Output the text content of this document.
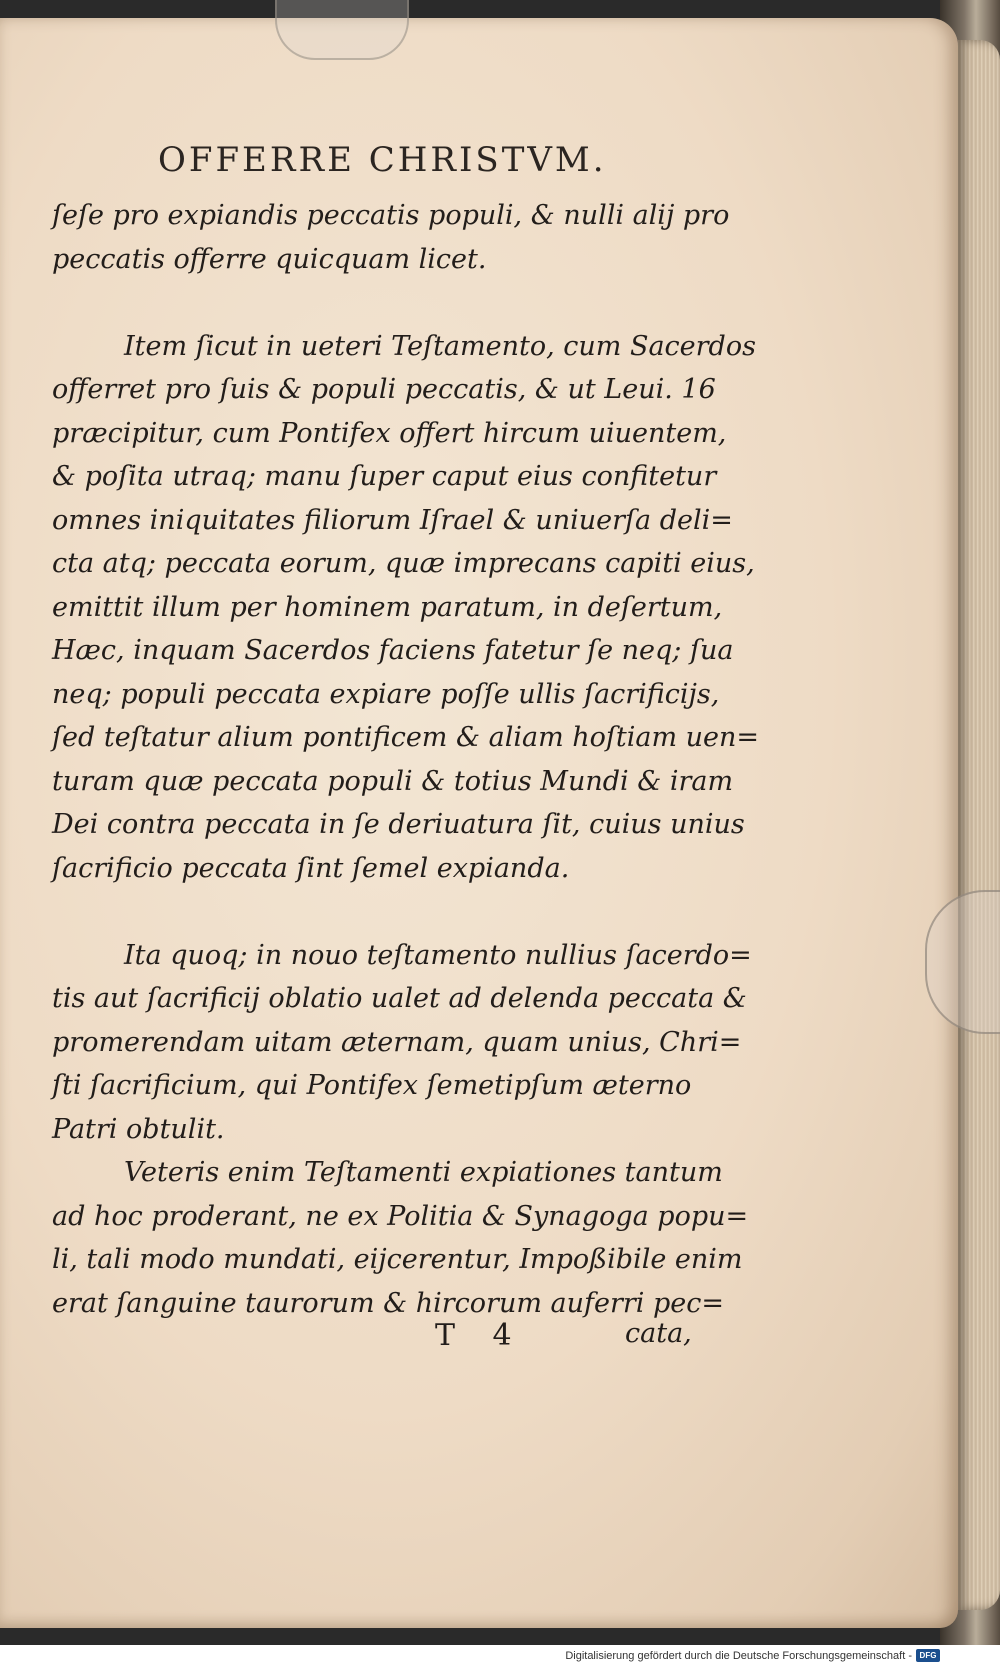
OFFERRE CHRISTVM.
ſeſe pro expiandis peccatis populi, & nulli alij pro
peccatis offerre quicquam licet.
Item ſicut in ueteri Teſtamento, cum Sacerdos
offerret pro ſuis & populi peccatis, & ut Leui. 16
præcipitur, cum Pontifex offert hircum uiuentem,
& poſita utraq; manu ſuper caput eius confitetur
omnes iniquitates filiorum Iſrael & uniuerſa deli=
cta atq; peccata eorum, quæ imprecans capiti eius,
emittit illum per hominem paratum, in deſertum,
Hæc, inquam Sacerdos faciens fatetur ſe neq; ſua
neq; populi peccata expiare poſſe ullis ſacrificijs,
ſed teſtatur alium pontificem & aliam hoſtiam uen=
turam quæ peccata populi & totius Mundi & iram
Dei contra peccata in ſe deriuatura ſit, cuius unius
ſacrificio peccata ſint ſemel expianda.
Ita quoq; in nouo teſtamento nullius ſacerdo=
tis aut ſacrificij oblatio ualet ad delenda peccata &
promerendam uitam æternam, quam unius, Chri=
ſti ſacrificium, qui Pontifex ſemetipſum æterno
Patri obtulit.
Veteris enim Teſtamenti expiationes tantum
ad hoc proderant, ne ex Politia & Synagoga popu=
li, tali modo mundati, eijcerentur, Impoßibile enim
erat ſanguine taurorum & hircorum auferri pec=
T 4	cata,
Digitalisierung gefördert durch die Deutsche Forschungsgemeinschaft - DFG
